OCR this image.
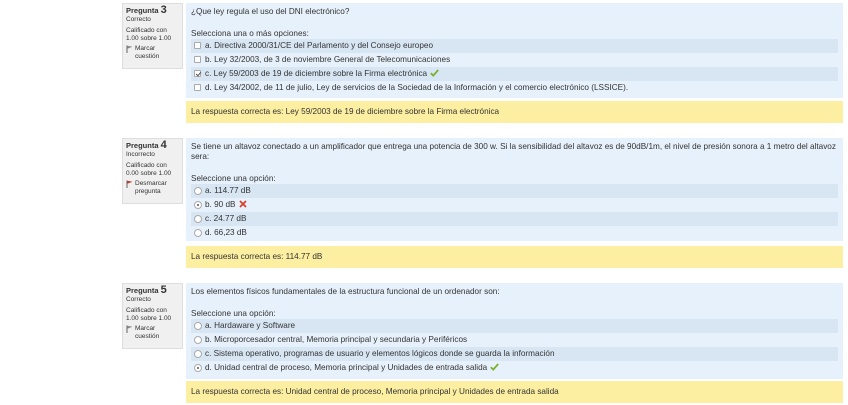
Pregunta 3
Correcto
Calificado con 1.00 sobre 1.00
Marcar cuestión
¿Que ley regula el uso del DNI electrónico?
Selecciona una o más opciones:
a. Directiva 2000/31/CE del Parlamento y del Consejo europeo
b. Ley 32/2003, de 3 de noviembre General de Telecomunicaciones
c. Ley 59/2003 de 19 de diciembre sobre la Firma electrónica
d. Ley 34/2002, de 11 de julio, Ley de servicios de la Sociedad de la Información y el comercio electrónico (LSSICE).
La respuesta correcta es: Ley 59/2003 de 19 de diciembre sobre la Firma electrónica
Pregunta 4
Incorrecto
Calificado con 0.00 sobre 1.00
Desmarcar pregunta
Se tiene un altavoz conectado a un amplificador que entrega una potencia de 300 w. Si la sensibilidad del altavoz es de 90dB/1m, el nivel de presión sonora a 1 metro del altavoz sera:
Seleccione una opción:
a. 114.77 dB
b. 90 dB
c. 24.77 dB
d. 66,23 dB
La respuesta correcta es: 114.77 dB
Pregunta 5
Correcto
Calificado con 1.00 sobre 1.00
Marcar cuestión
Los elementos físicos fundamentales de la estructura funcional de un ordenador son:
Seleccione una opción:
a. Hardaware y Software
b. Microporcesador central, Memoria principal y secundaria y Periféricos
c. Sistema operativo, programas de usuario y elementos lógicos donde se guarda la información
d. Unidad central de proceso, Memoria principal y Unidades de entrada salida
La respuesta correcta es: Unidad central de proceso, Memoria principal y Unidades de entrada salida
